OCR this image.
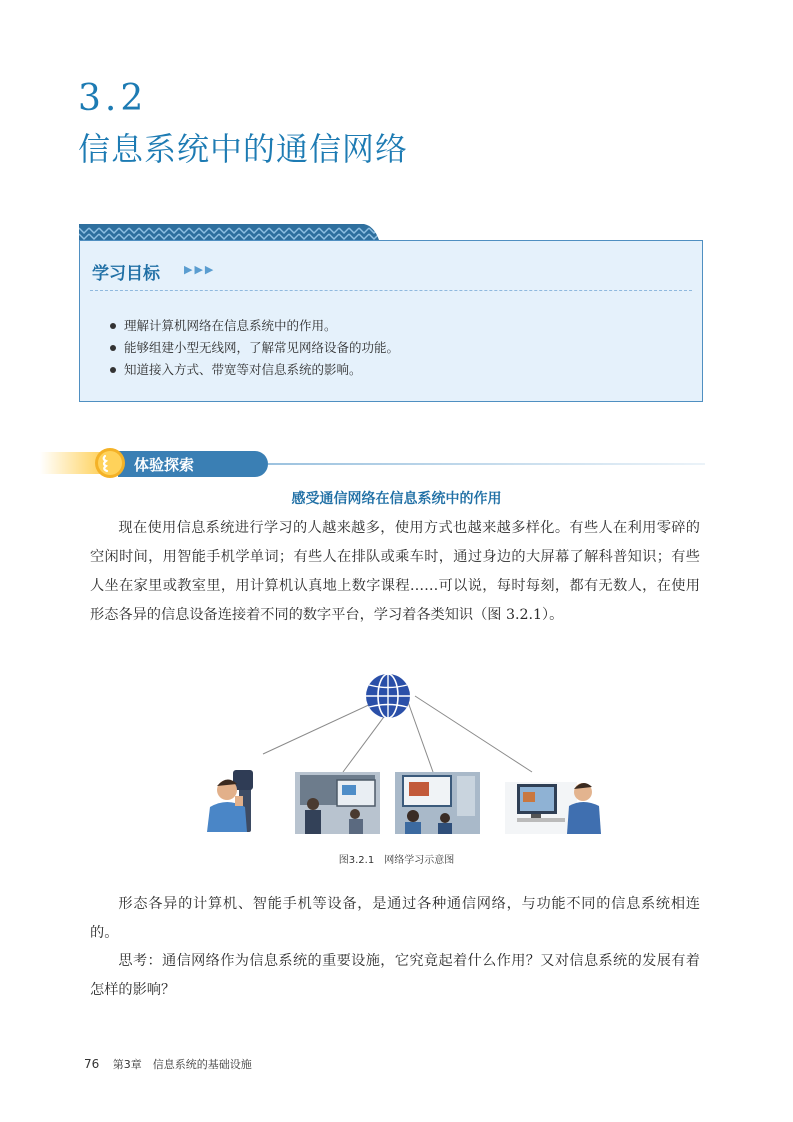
3.2
信息系统中的通信网络
学习目标 ▶▶▶
理解计算机网络在信息系统中的作用。
能够组建小型无线网，了解常见网络设备的功能。
知道接入方式、带宽等对信息系统的影响。
体验探索
感受通信网络在信息系统中的作用

现在使用信息系统进行学习的人越来越多，使用方式也越来越多样化。有些人在利用零碎的空闲时间，用智能手机学单词；有些人在排队或乘车时，通过身边的大屏幕了解科普知识；有些人坐在家里或教室里，用计算机认真地上数字课程……可以说，每时每刻，都有无数人，在使用形态各异的信息设备连接着不同的数字平台，学习着各类知识（图 3.2.1）。

图3.2.1　网络学习示意图

形态各异的计算机、智能手机等设备，是通过各种通信网络，与功能不同的信息系统相连的。

思考：通信网络作为信息系统的重要设施，它究竟起着什么作用？又对信息系统的发展有着怎样的影响？

76 第3章　信息系统的基础设施
